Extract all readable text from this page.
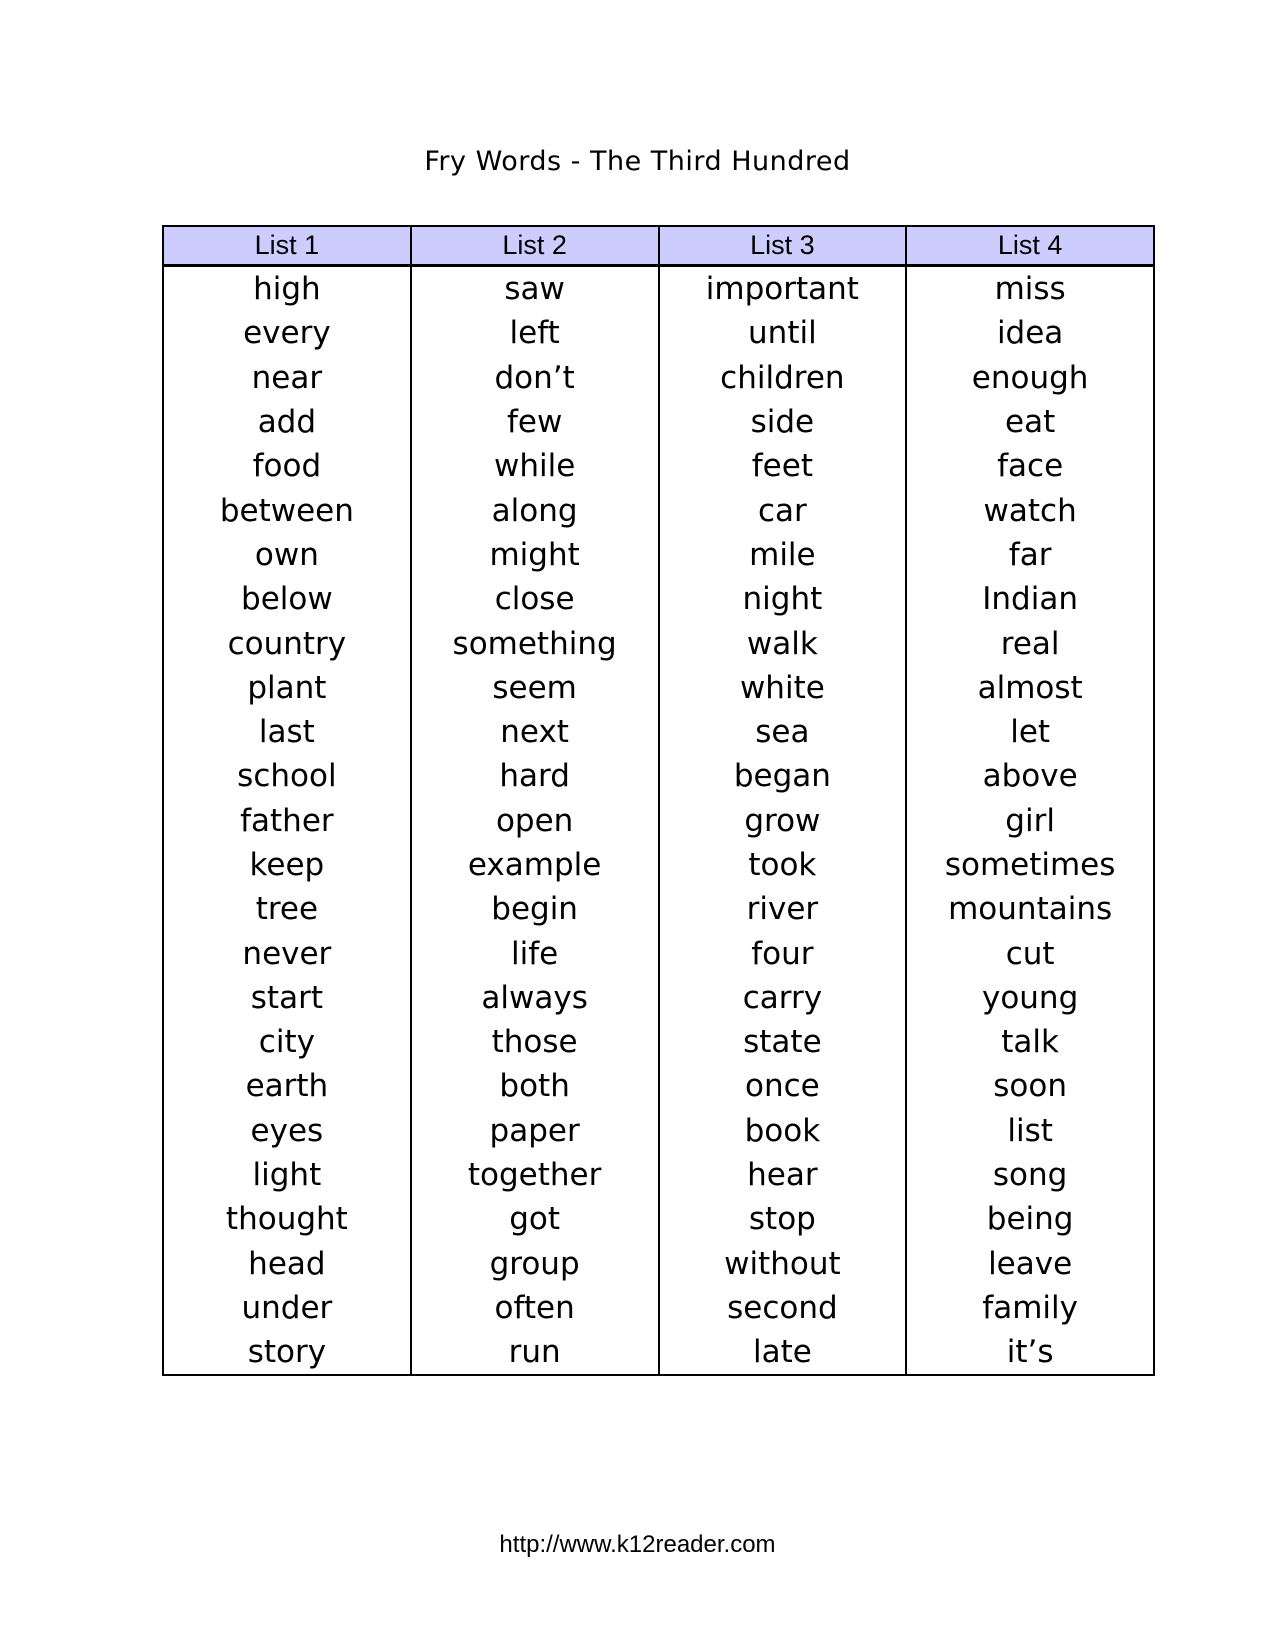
Fry Words - The Third Hundred
List 1	List 2	List 3	List 4
high	saw	important	miss
every	left	until	idea
near	don’t	children	enough
add	few	side	eat
food	while	feet	face
between	along	car	watch
own	might	mile	far
below	close	night	Indian
country	something	walk	real
plant	seem	white	almost
last	next	sea	let
school	hard	began	above
father	open	grow	girl
keep	example	took	sometimes
tree	begin	river	mountains
never	life	four	cut
start	always	carry	young
city	those	state	talk
earth	both	once	soon
eyes	paper	book	list
light	together	hear	song
thought	got	stop	being
head	group	without	leave
under	often	second	family
story	run	late	it’s
http://www.k12reader.com
